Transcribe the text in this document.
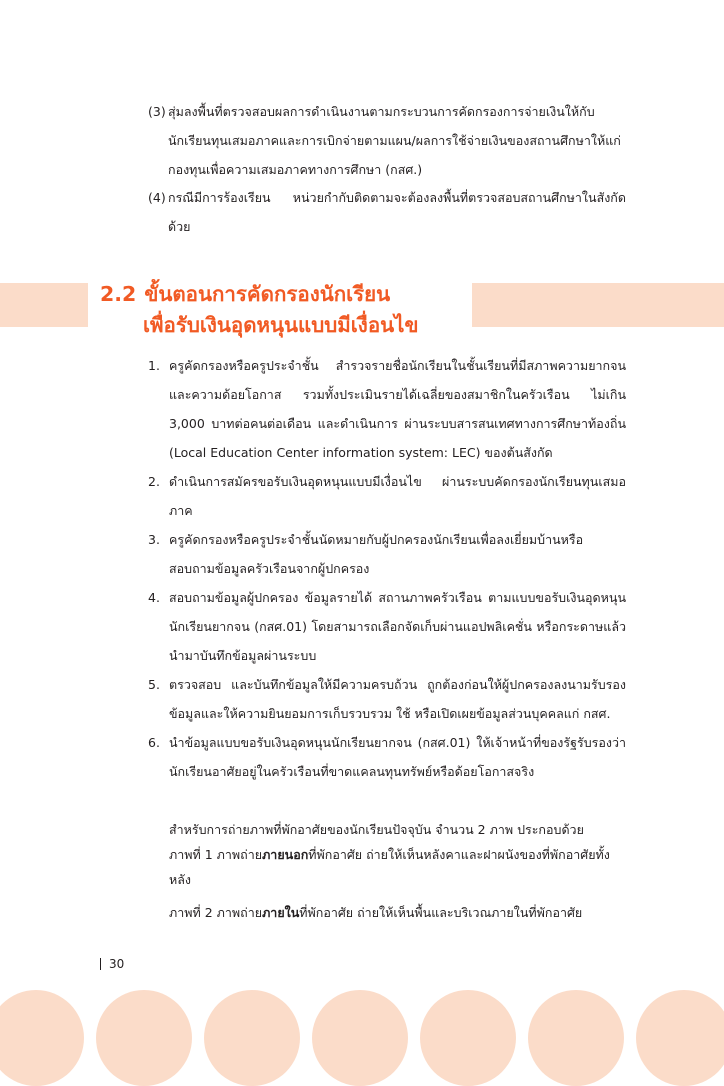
(3) สุ่มลงพื้นที่ตรวจสอบผลการดำเนินงานตามกระบวนการคัดกรองการจ่ายเงินให้กับนักเรียนทุนเสมอภาคและการเบิกจ่ายตามแผน/ผลการใช้จ่ายเงินของสถานศึกษาให้แก่กองทุนเพื่อความเสมอภาคทางการศึกษา (กสศ.)
(4) กรณีมีการร้องเรียน หน่วยกำกับติดตามจะต้องลงพื้นที่ตรวจสอบสถานศึกษาในสังกัดด้วย
2.2 ขั้นตอนการคัดกรองนักเรียน
เพื่อรับเงินอุดหนุนแบบมีเงื่อนไข
1. ครูคัดกรองหรือครูประจำชั้น สำรวจรายชื่อนักเรียนในชั้นเรียนที่มีสภาพความยากจนและความด้อยโอกาส รวมทั้งประเมินรายได้เฉลี่ยของสมาชิกในครัวเรือน ไม่เกิน 3,000 บาทต่อคนต่อเดือน และดำเนินการ ผ่านระบบสารสนเทศทางการศึกษาท้องถิ่น (Local Education Center information system: LEC) ของต้นสังกัด
2. ดำเนินการสมัครขอรับเงินอุดหนุนแบบมีเงื่อนไข ผ่านระบบคัดกรองนักเรียนทุนเสมอภาค
3. ครูคัดกรองหรือครูประจำชั้นนัดหมายกับผู้ปกครองนักเรียนเพื่อลงเยี่ยมบ้านหรือสอบถามข้อมูลครัวเรือนจากผู้ปกครอง
4. สอบถามข้อมูลผู้ปกครอง ข้อมูลรายได้ สถานภาพครัวเรือน ตามแบบขอรับเงินอุดหนุนนักเรียนยากจน (กสศ.01) โดยสามารถเลือกจัดเก็บผ่านแอปพลิเคชั่น หรือกระดาษแล้วนำมาบันทึกข้อมูลผ่านระบบ
5. ตรวจสอบ และบันทึกข้อมูลให้มีความครบถ้วน ถูกต้องก่อนให้ผู้ปกครองลงนามรับรองข้อมูลและให้ความยินยอมการเก็บรวบรวม ใช้ หรือเปิดเผยข้อมูลส่วนบุคคลแก่ กสศ.
6. นำข้อมูลแบบขอรับเงินอุดหนุนนักเรียนยากจน (กสศ.01) ให้เจ้าหน้าที่ของรัฐรับรองว่านักเรียนอาศัยอยู่ในครัวเรือนที่ขาดแคลนทุนทรัพย์หรือด้อยโอกาสจริง
สำหรับการถ่ายภาพที่พักอาศัยของนักเรียนปัจจุบัน จำนวน 2 ภาพ ประกอบด้วย
ภาพที่ 1 ภาพถ่ายภายนอกที่พักอาศัย ถ่ายให้เห็นหลังคาและฝาผนังของที่พักอาศัยทั้งหลัง
ภาพที่ 2 ภาพถ่ายภายในที่พักอาศัย ถ่ายให้เห็นพื้นและบริเวณภายในที่พักอาศัย
30
